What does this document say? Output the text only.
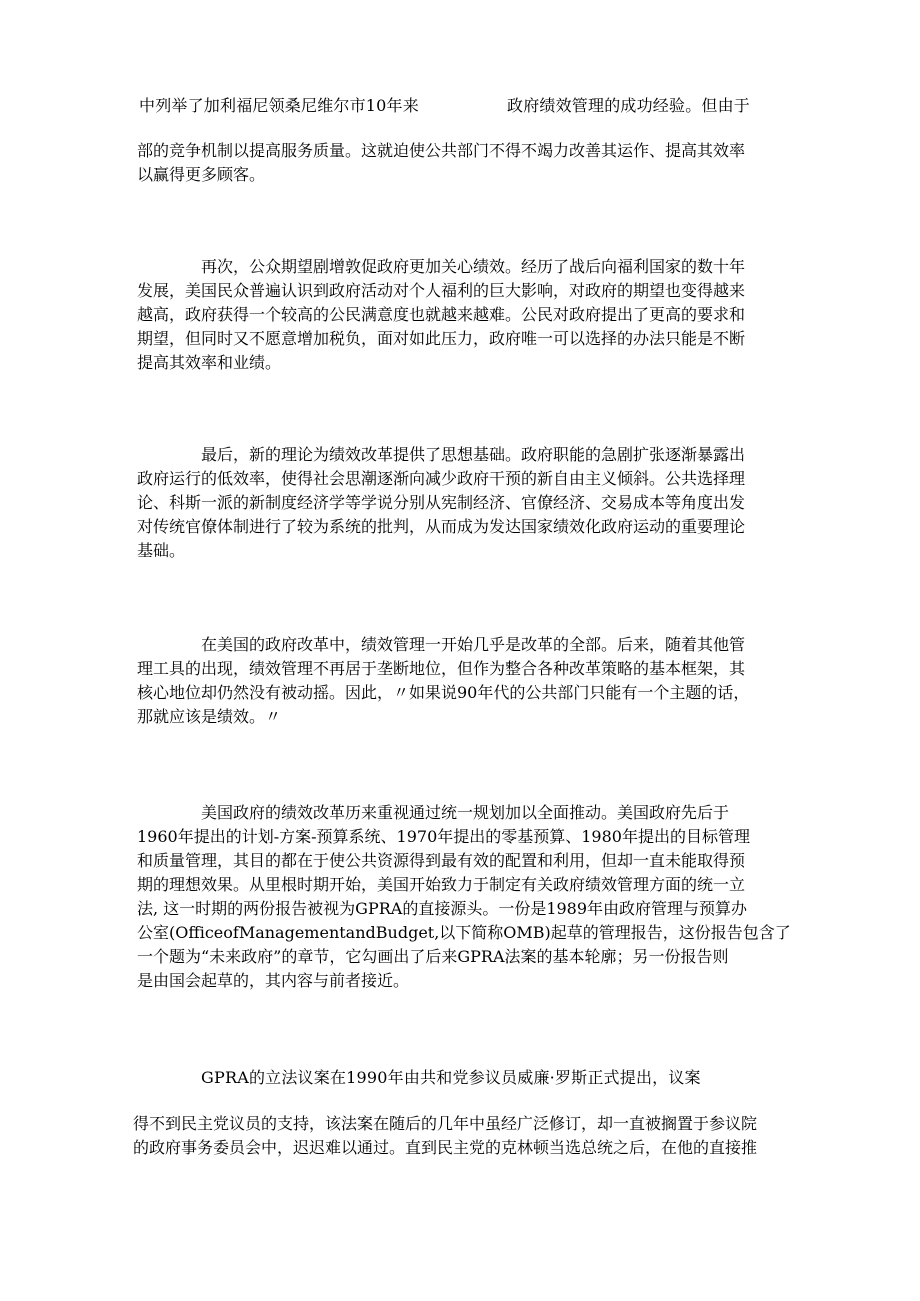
中列举了加利福尼领桑尼维尔市10年来	政府绩效管理的成功经验。但由于
部的竞争机制以提高服务质量。这就迫使公共部门不得不竭力改善其运作、提高其效率
以赢得更多顾客。
再次，公众期望剧增敦促政府更加关心绩效。经历了战后向福利国家的数十年
发展，美国民众普遍认识到政府活动对个人福利的巨大影响，对政府的期望也变得越来
越高，政府获得一个较高的公民满意度也就越来越难。公民对政府提出了更高的要求和
期望，但同时又不愿意增加税负，面对如此压力，政府唯一可以选择的办法只能是不断
提高其效率和业绩。
最后，新的理论为绩效改革提供了思想基础。政府职能的急剧扩张逐渐暴露出
政府运行的低效率，使得社会思潮逐渐向减少政府干预的新自由主义倾斜。公共选择理
论、科斯一派的新制度经济学等学说分别从宪制经济、官僚经济、交易成本等角度出发
对传统官僚体制进行了较为系统的批判，从而成为发达国家绩效化政府运动的重要理论
基础。
在美国的政府改革中，绩效管理一开始几乎是改革的全部。后来，随着其他管
理工具的出现，绩效管理不再居于垄断地位，但作为整合各种改革策略的基本框架，其
核心地位却仍然没有被动摇。因此，〃如果说90年代的公共部门只能有一个主题的话，
那就应该是绩效。〃
美国政府的绩效改革历来重视通过统一规划加以全面推动。美国政府先后于
1960年提出的计划-方案-预算系统、1970年提出的零基预算、1980年提出的目标管理
和质量管理，其目的都在于使公共资源得到最有效的配置和利用，但却一直未能取得预
期的理想效果。从里根时期开始，美国开始致力于制定有关政府绩效管理方面的统一立
法, 这一时期的两份报告被视为GPRA的直接源头。一份是1989年由政府管理与预算办
公室(OfficeofManagementandBudget,以下简称OMB)起草的管理报告，这份报告包含了
一个题为“未来政府”的章节，它勾画出了后来GPRA法案的基本轮廓；另一份报告则
是由国会起草的，其内容与前者接近。
GPRA的立法议案在1990年由共和党参议员威廉·罗斯正式提出，议案
得不到民主党议员的支持，该法案在随后的几年中虽经广泛修订，却一直被搁置于参议院
的政府事务委员会中，迟迟难以通过。直到民主党的克林顿当选总统之后，在他的直接推
